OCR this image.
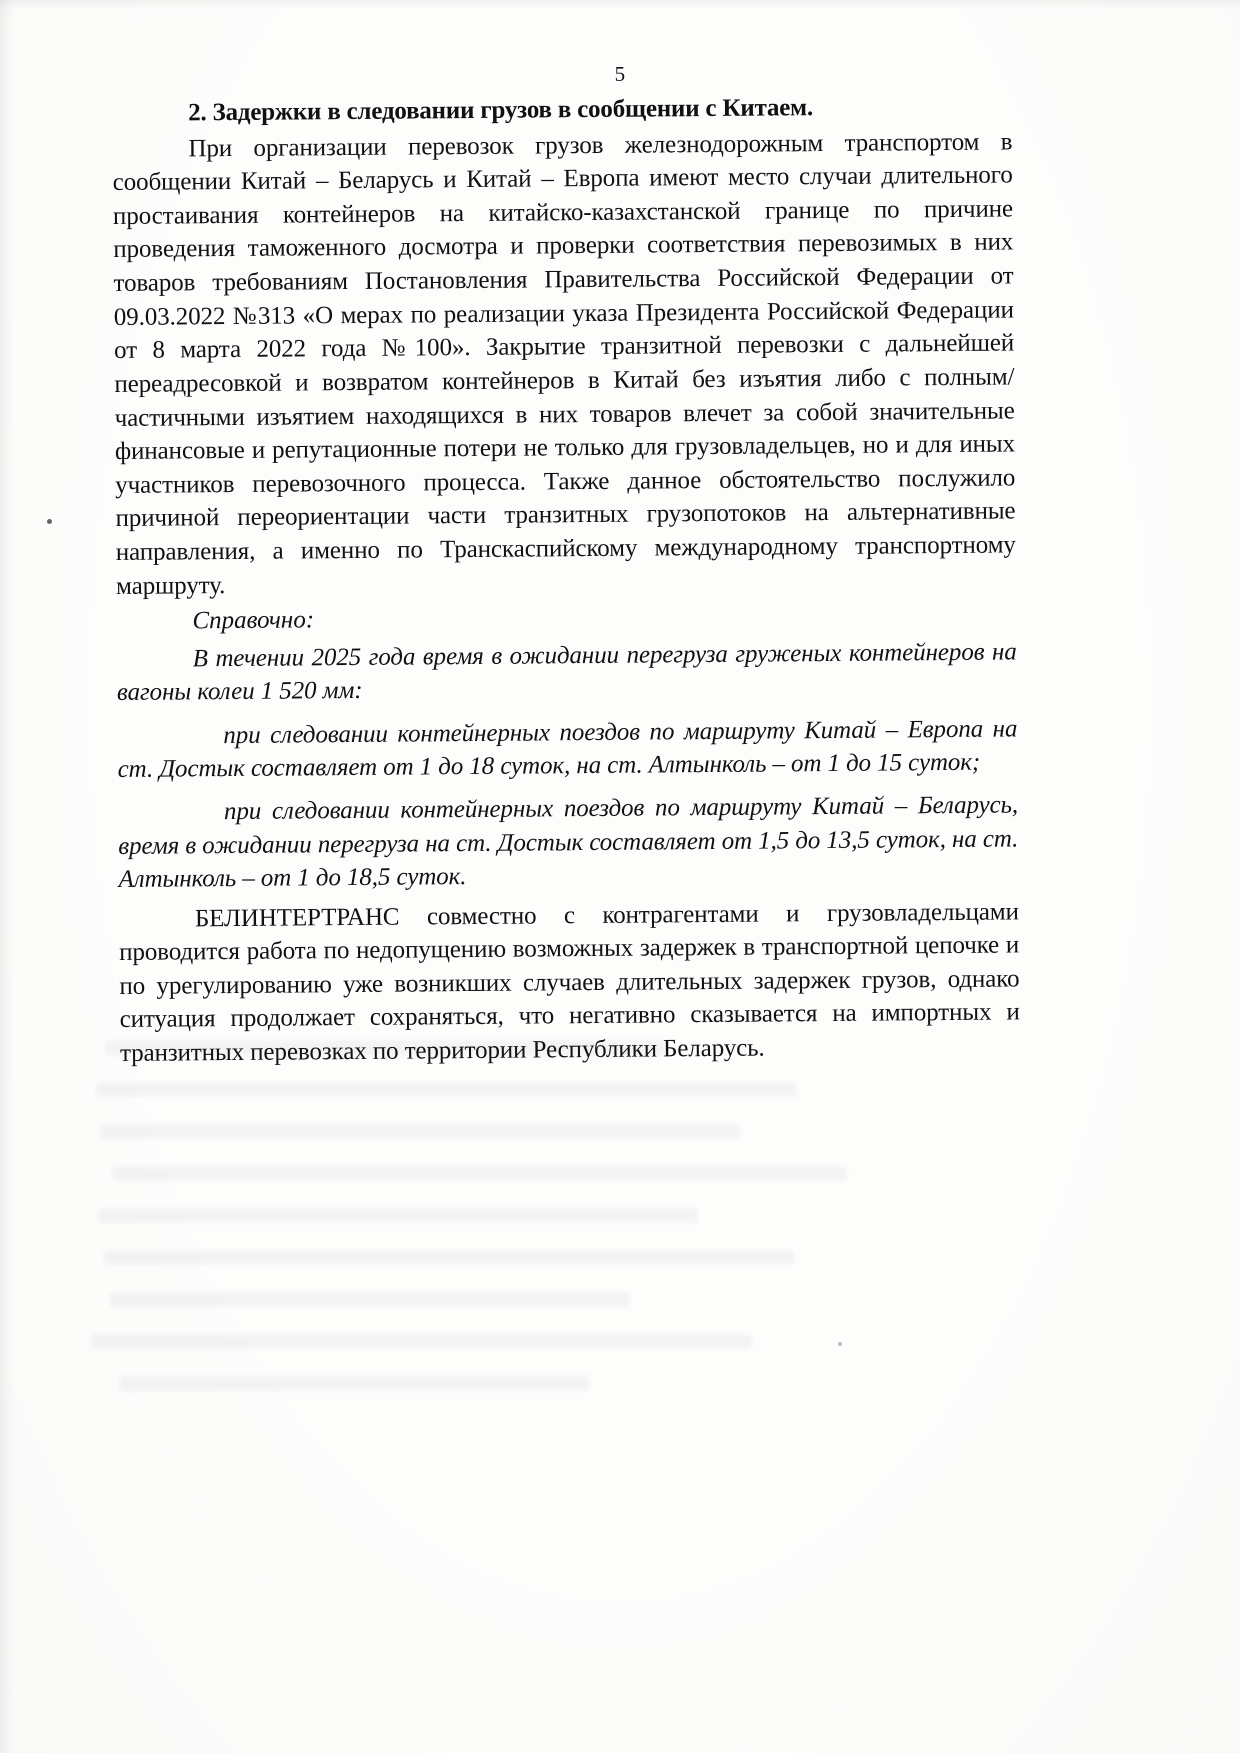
5

2. Задержки в следовании грузов в сообщении с Китаем.

При организации перевозок грузов железнодорожным транспортом в сообщении Китай – Беларусь и Китай – Европа имеют место случаи длительного простаивания контейнеров на китайско-казахстанской границе по причине проведения таможенного досмотра и проверки соответствия перевозимых в них товаров требованиям Постановления Правительства Российской Федерации от 09.03.2022 №313 «О мерах по реализации указа Президента Российской Федерации от 8 марта 2022 года №100». Закрытие транзитной перевозки с дальнейшей переадресовкой и возвратом контейнеров в Китай без изъятия либо с полным/частичными изъятием находящихся в них товаров влечет за собой значительные финансовые и репутационные потери не только для грузовладельцев, но и для иных участников перевозочного процесса. Также данное обстоятельство послужило причиной переориентации части транзитных грузопотоков на альтернативные направления, а именно по Транскаспийскому международному транспортному маршруту.

Справочно:

В течении 2025 года время в ожидании перегруза груженых контейнеров на вагоны колеи 1 520 мм:

при следовании контейнерных поездов по маршруту Китай – Европа на ст. Достык составляет от 1 до 18 суток, на ст. Алтынколь – от 1 до 15 суток;

при следовании контейнерных поездов по маршруту Китай – Беларусь, время в ожидании перегруза на ст. Достык составляет от 1,5 до 13,5 суток, на ст. Алтынколь – от 1 до 18,5 суток.

БЕЛИНТЕРТРАНС совместно с контрагентами и грузовладельцами проводится работа по недопущению возможных задержек в транспортной цепочке и по урегулированию уже возникших случаев длительных задержек грузов, однако ситуация продолжает сохраняться, что негативно сказывается на импортных и транзитных перевозках по территории Республики Беларусь.
